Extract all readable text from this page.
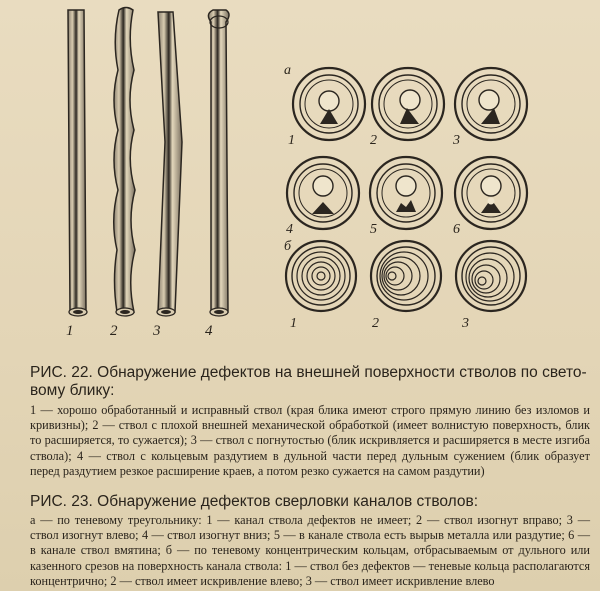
1 2 3	4
а
б
1	2	3
4	5	6
1	2	3
РИС. 22. Обнаружение дефектов на внешней поверхности стволов по свето-вому блику:
1 — хорошо обработанный и исправный ствол (края блика имеют строго прямую линию без изломов и кривизны); 2 — ствол с плохой внешней механической обработкой (имеет волнистую поверхность, блик то расширяется, то сужается); 3 — ствол с погнутостью (блик искривляется и расширяется в месте изгиба ствола); 4 — ствол с кольцевым раздутием в дульной части перед дульным сужением (блик образует перед раздутием резкое расширение краев, а потом резко сужается на самом раздутии)
РИС. 23. Обнаружение дефектов сверловки каналов стволов:
а — по теневому треугольнику: 1 — канал ствола дефектов не имеет; 2 — ствол изогнут вправо; 3 — ствол изогнут влево; 4 — ствол изогнут вниз; 5 — в канале ствола есть вырыв металла или раздутие; 6 — в канале ствол вмятина; б — по теневому концентрическим кольцам, отбрасываемым от дульного или казенного срезов на поверхность канала ствола: 1 — ствол без дефектов — теневые кольца располагаются концентрично; 2 — ствол имеет искривление влево; 3 — ствол имеет искривление влево
